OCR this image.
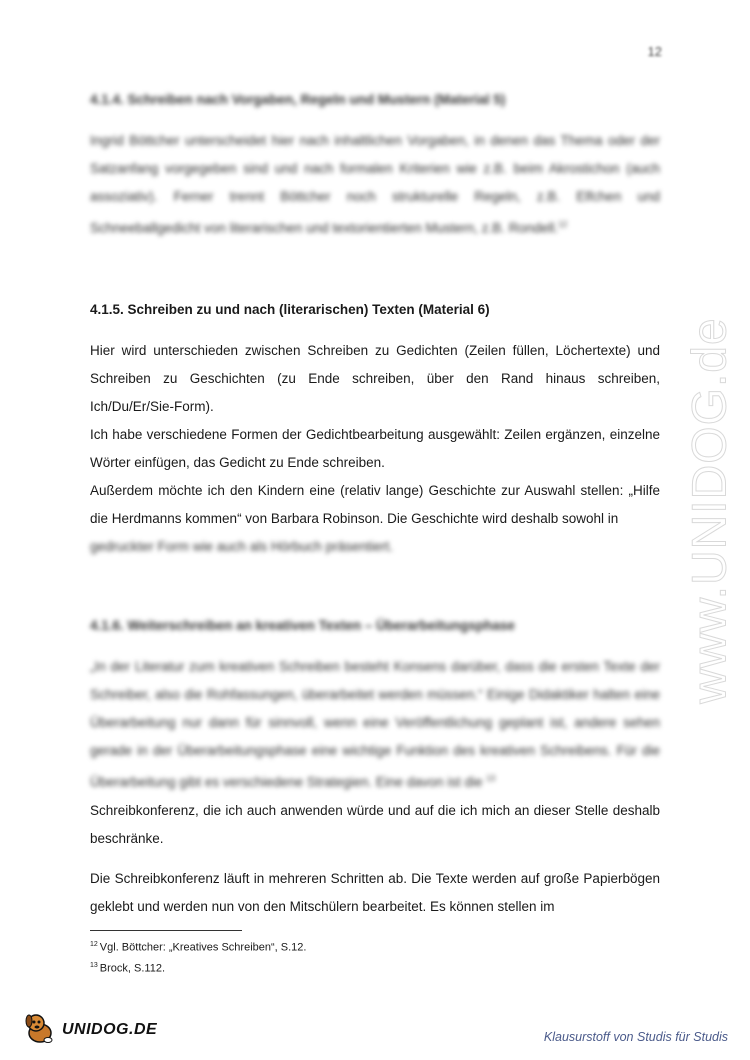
12
4.1.4. Schreiben nach Vorgaben, Regeln und Mustern (Material 5)

Ingrid Böttcher unterscheidet hier nach inhaltlichen Vorgaben, in denen das Thema oder der Satzanfang vorgegeben sind und nach formalen Kriterien wie z.B. beim Akrostichon (auch assoziativ). Ferner trennt Böttcher noch strukturelle Regeln, z.B. Elfchen und Schneeballgedicht von literarischen und textorientierten Mustern, z.B. Rondell.$^{12}$

4.1.5. Schreiben zu und nach (literarischen) Texten (Material 6)

Hier wird unterschieden zwischen Schreiben zu Gedichten (Zeilen füllen, Löchertexte) und Schreiben zu Geschichten (zu Ende schreiben, über den Rand hinaus schreiben, Ich/Du/Er/Sie-Form).

Ich habe verschiedene Formen der Gedichtbearbeitung ausgewählt: Zeilen ergänzen, einzelne Wörter einfügen, das Gedicht zu Ende schreiben.

Außerdem möchte ich den Kindern eine (relativ lange) Geschichte zur Auswahl stellen: „Hilfe die Herdmanns kommen“ von Barbara Robinson. Die Geschichte wird deshalb sowohl in

gedruckter Form wie auch als Hörbuch präsentiert.

4.1.6. Weiterschreiben an kreativen Texten – Überarbeitungsphase

„In der Literatur zum kreativen Schreiben besteht Konsens darüber, dass die ersten Texte der Schreiber, also die Rohfassungen, überarbeitet werden müssen.“ Einige Didaktiker halten eine Überarbeitung nur dann für sinnvoll, wenn eine Veröffentlichung geplant ist, andere sehen gerade in der Überarbeitungsphase eine wichtige Funktion des kreativen Schreibens. Für die Überarbeitung gibt es verschiedene Strategien. Eine davon ist die $^{13}$

Schreibkonferenz, die ich auch anwenden würde und auf die ich mich an dieser Stelle deshalb beschränke.

Die Schreibkonferenz läuft in mehreren Schritten ab. Die Texte werden auf große Papierbögen geklebt und werden nun von den Mitschülern bearbeitet. Es können stellen im

$^{12}$ Vgl. Böttcher: „Kreatives Schreiben“, S.12.
$^{13}$ Brock, S.112.
www.UNIDOG.de
UNIDOG.DE	Klausurstoff von Studis für Studis
